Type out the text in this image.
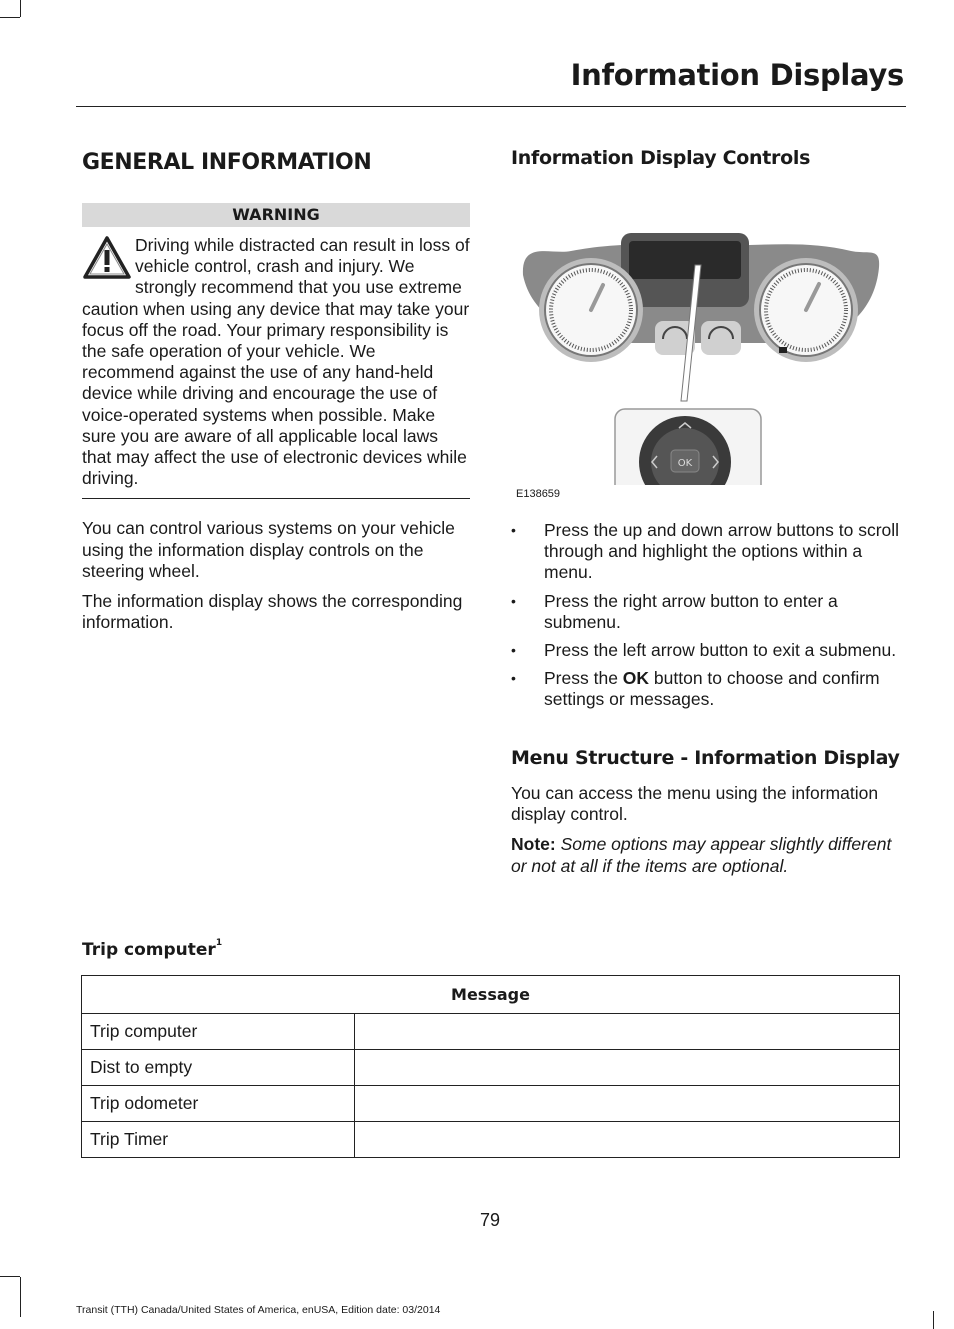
Information Displays
GENERAL INFORMATION
WARNING
Driving while distracted can result in loss of vehicle control, crash and injury. We strongly recommend that you use extreme caution when using any device that may take your focus off the road. Your primary responsibility is the safe operation of your vehicle. We recommend against the use of any hand-held device while driving and encourage the use of voice-operated systems when possible. Make sure you are aware of all applicable local laws that may affect the use of electronic devices while driving.

You can control various systems on your vehicle using the information display controls on the steering wheel.

The information display shows the corresponding information.

Information Display Controls
OK
E138659
• Press the up and down arrow buttons to scroll through and highlight the options within a menu.
• Press the right arrow button to enter a submenu.
• Press the left arrow button to exit a submenu.
• Press the OK button to choose and confirm settings or messages.
Menu Structure - Information Display

You can access the menu using the information display control.

Note: Some options may appear slightly different or not at all if the items are optional.

Trip computer$^1$
Message	
Trip computer	
Dist to empty	
Trip odometer	
Trip Timer	
79
Transit (TTH) Canada/United States of America, enUSA, Edition date: 03/2014
